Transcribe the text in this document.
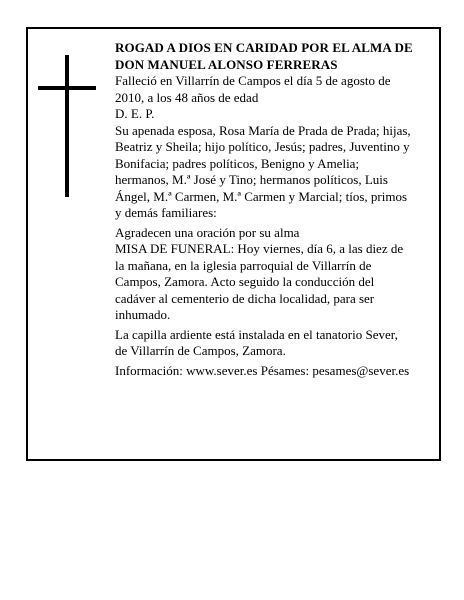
ROGAD A DIOS EN CARIDAD POR EL ALMA DE

DON MANUEL ALONSO FERRERAS

Falleció en Villarrín de Campos el día 5 de agosto de 2010, a los 48 años de edad

D. E. P.

Su apenada esposa, Rosa María de Prada de Prada; hijas, Beatriz y Sheila; hijo político, Jesús; padres, Juventino y Bonifacia; padres políticos, Benigno y Amelia; hermanos, M.ª José y Tino; hermanos políticos, Luis Ángel, M.ª Carmen, M.ª Carmen y Marcial; tíos, primos y demás familiares:

Agradecen una oración por su alma

MISA DE FUNERAL: Hoy viernes, día 6, a las diez de la mañana, en la iglesia parroquial de Villarrín de Campos, Zamora. Acto seguido la conducción del cadáver al cementerio de dicha localidad, para ser inhumado.

La capilla ardiente está instalada en el tanatorio Sever, de Villarrín de Campos, Zamora.

Información: www.sever.es Pésames: pesames@sever.es
